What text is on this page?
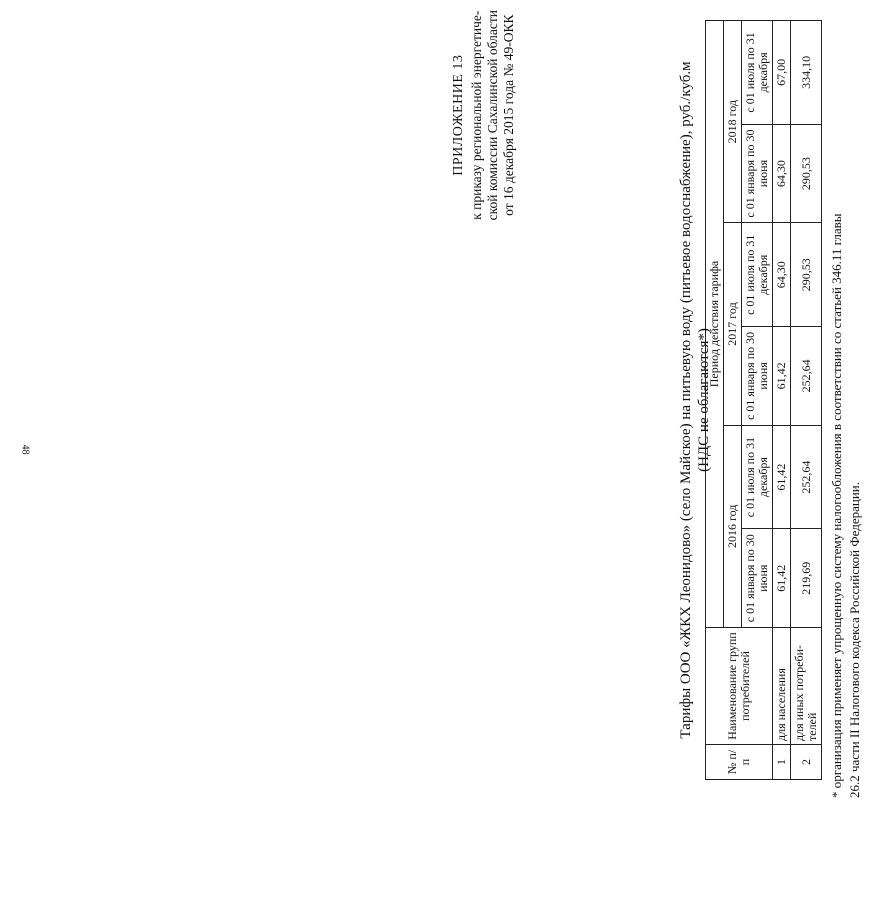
48
ПРИЛОЖЕНИЕ 13 к приказу региональной энергетиче- ской комиссии Сахалинской области от 16 декабря 2015 года № 49-ОКК	Тарифы ООО «ЖКХ Леонидово» (село Майское) на питьевую воду (питьевое водоснабжение), руб./куб.м (НДС не облагаются*)
№ п/п	Наименование групп потребителей	Период действия тарифа					
		2016 год		2017 год		2018 год	
		с 01 января по 30 июня	с 01 июля по 31 декабря	с 01 января по 30 июня	с 01 июля по 31 декабря	с 01 января по 30 июня	с 01 июля по 31 декабря
1	для населения	61,42	61,42	61,42	64,30	64,30	67,00
2	для иных потреби-телей	219,69	252,64	252,64	290,53	290,53	334,10
* организация применяет упрощенную систему налогообложения в соответствии со статьей 346.11 главы 26.2 части II Налогового кодекса Российской Федерации.
